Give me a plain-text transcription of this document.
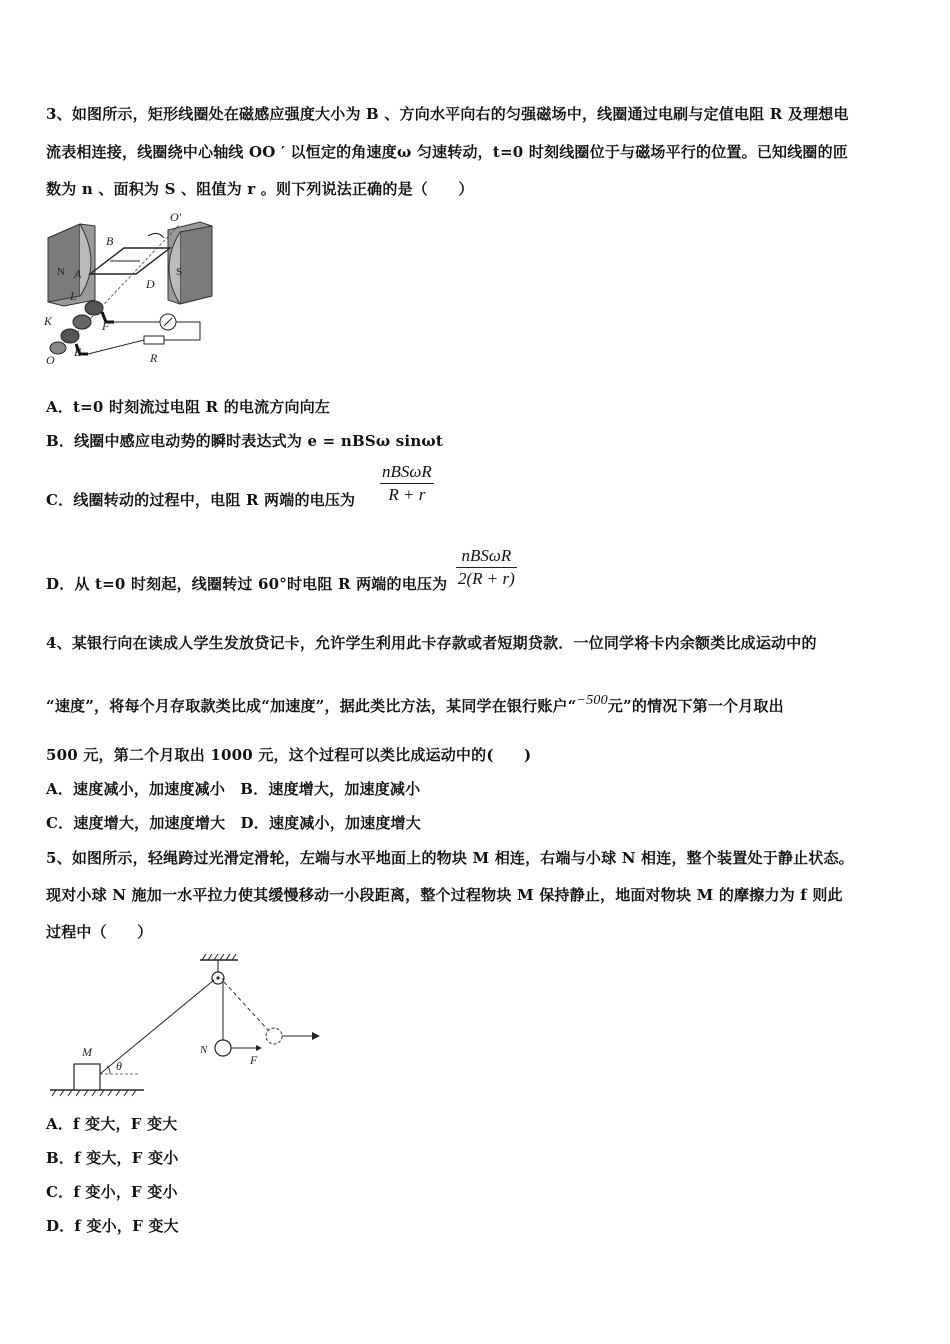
3、如图所示，矩形线圈处在磁感应强度大小为 B 、方向水平向右的匀强磁场中，线圈通过电刷与定值电阻 R 及理想电
流表相连接，线圈绕中心轴线 OO ′ 以恒定的角速度ω 匀速转动，t=0 时刻线圈位于与磁场平行的位置。已知线圈的匝
数为 n 、面积为 S 、阻值为 r 。则下列说法正确的是（　　）
O′
B
N	S
A
D
L
K	F
O
E	R
A．t=0 时刻流过电阻 R 的电流方向向左
B．线圈中感应电动势的瞬时表达式为 e = nBSω sinωt
C．线圈转动的过程中，电阻 R 两端的电压为
nBSωR
R + r
D．从 t=0 时刻起，线圈转过 60°时电阻 R 两端的电压为
nBSωR
2(R + r)
4、某银行向在读成人学生发放贷记卡，允许学生利用此卡存款或者短期贷款．一位同学将卡内余额类比成运动中的
“速度”，将每个月存取款类比成“加速度”，据此类比方法，某同学在银行账户“−500元”的情况下第一个月取出
500 元，第二个月取出 1000 元，这个过程可以类比成运动中的(　　)
A．速度减小，加速度减小　B．速度增大，加速度减小
C．速度增大，加速度增大　D．速度减小，加速度增大
5、如图所示，轻绳跨过光滑定滑轮，左端与水平地面上的物块 M 相连，右端与小球 N 相连，整个装置处于静止状态。
现对小球 N 施加一水平拉力使其缓慢移动一小段距离，整个过程物块 M 保持静止，地面对物块 M 的摩擦力为 f 则此
过程中（　　）
M
θ
N
F
A．f 变大，F 变大
B．f 变大，F 变小
C．f 变小，F 变小
D．f 变小，F 变大
